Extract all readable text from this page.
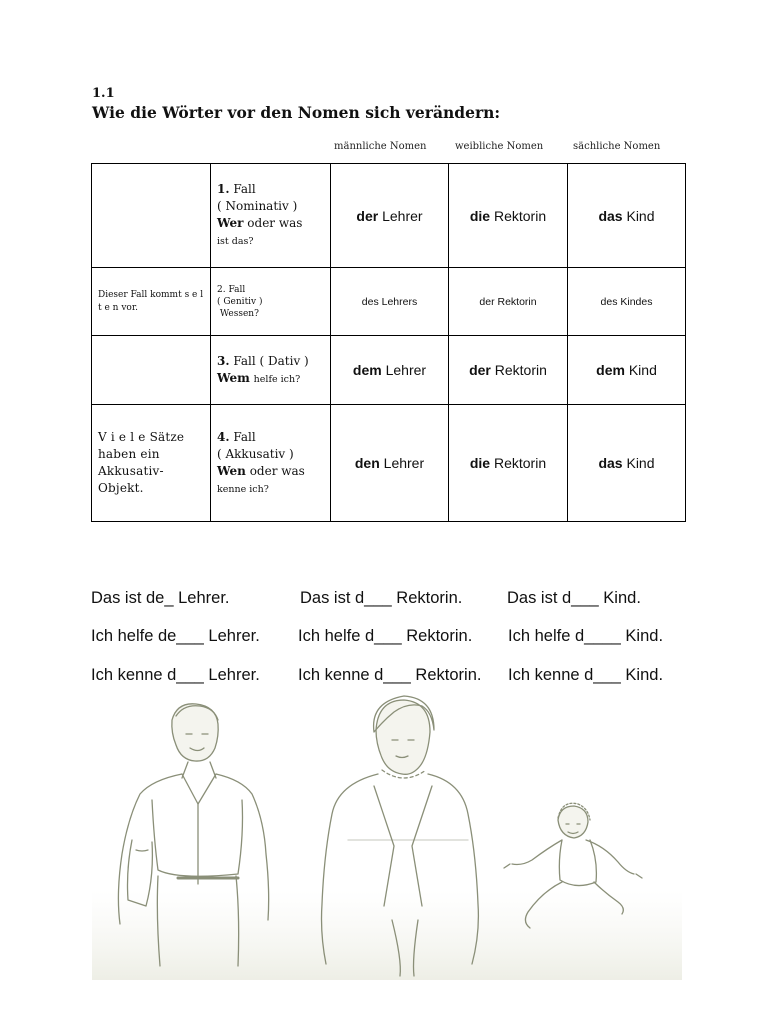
1.1
Wie die Wörter vor den Nomen sich verändern:
männliche Nomen	weibliche Nomen	sächliche Nomen
	1. Fall
( Nominativ )
Wer oder was
ist das?	der Lehrer	die Rektorin	das Kind
Dieser Fall kommt s e l t e n vor.	2. Fall
( Genitiv )
Wessen?	des Lehrers	der Rektorin	des Kindes
	3. Fall ( Dativ )
Wem helfe ich?	dem Lehrer	der Rektorin	dem Kind
V i e l e Sätze haben ein Akkusativ-Objekt.	4. Fall
( Akkusativ )
Wen oder was
kenne ich?	den Lehrer	die Rektorin	das Kind
Das ist de_ Lehrer.	Das ist d___ Rektorin.	Das ist d___ Kind.
Ich helfe de___ Lehrer. Ich helfe d___ Rektorin. Ich helfe d____ Kind.
Ich kenne d___ Lehrer. Ich kenne d___ Rektorin. Ich kenne d___ Kind.
